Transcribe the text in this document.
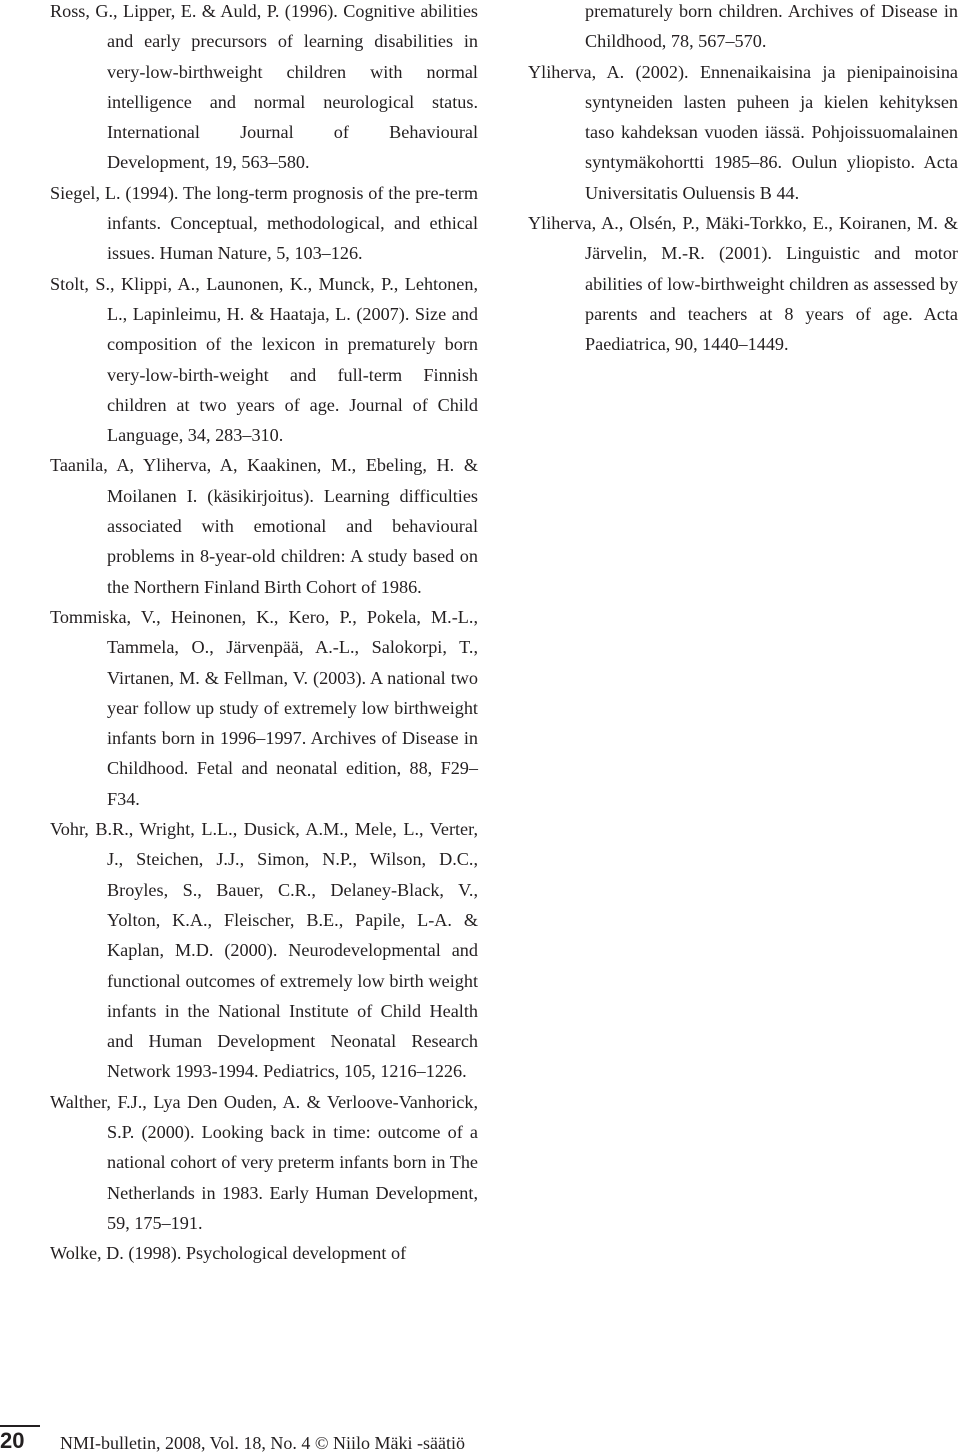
Ross, G., Lipper, E. & Auld, P. (1996). Cognitive abilities and early precursors of learning disabilities in very-low-birthweight children with normal intelligence and normal neurological status. International Journal of Behavioural Development, 19, 563–580.

Siegel, L. (1994). The long-term prognosis of the pre-term infants. Conceptual, methodological, and ethical issues. Human Nature, 5, 103–126.

Stolt, S., Klippi, A., Launonen, K., Munck, P., Lehtonen, L., Lapinleimu, H. & Haataja, L. (2007). Size and composition of the lexicon in prematurely born very-low-birth-weight and full-term Finnish children at two years of age. Journal of Child Language, 34, 283–310.

Taanila, A, Yliherva, A, Kaakinen, M., Ebeling, H. & Moilanen I. (käsikirjoitus). Learning difficulties associated with emotional and behavioural problems in 8-year-old children: A study based on the Northern Finland Birth Cohort of 1986.

Tommiska, V., Heinonen, K., Kero, P., Pokela, M.-L., Tammela, O., Järvenpää, A.-L., Salokorpi, T., Virtanen, M. & Fellman, V. (2003). A national two year follow up study of extremely low birthweight infants born in 1996–1997. Archives of Disease in Childhood. Fetal and neonatal edition, 88, F29–F34.

Vohr, B.R., Wright, L.L., Dusick, A.M., Mele, L., Verter, J., Steichen, J.J., Simon, N.P., Wilson, D.C., Broyles, S., Bauer, C.R., Delaney-Black, V., Yolton, K.A., Fleischer, B.E., Papile, L-A. & Kaplan, M.D. (2000). Neurodevelopmental and functional outcomes of extremely low birth weight infants in the National Institute of Child Health and Human Development Neonatal Research Network 1993-1994. Pediatrics, 105, 1216–1226.

Walther, F.J., Lya Den Ouden, A. & Verloove-Vanhorick, S.P. (2000). Looking back in time: outcome of a national cohort of very preterm infants born in The Netherlands in 1983. Early Human Development, 59, 175–191.

Wolke, D. (1998). Psychological development of

prematurely born children. Archives of Disease in Childhood, 78, 567–570.

Yliherva, A. (2002). Ennenaikaisina ja pienipainoisina syntyneiden lasten puheen ja kielen kehityksen taso kahdeksan vuoden iässä. Pohjoissuomalainen syntymäkohortti 1985–86. Oulun yliopisto. Acta Universitatis Ouluensis B 44.

Yliherva, A., Olsén, P., Mäki-Torkko, E., Koiranen, M. & Järvelin, M.-R. (2001). Linguistic and motor abilities of low-birthweight children as assessed by parents and teachers at 8 years of age. Acta Paediatrica, 90, 1440–1449.

20 NMI-bulletin, 2008, Vol. 18, No. 4 © Niilo Mäki -säätiö
